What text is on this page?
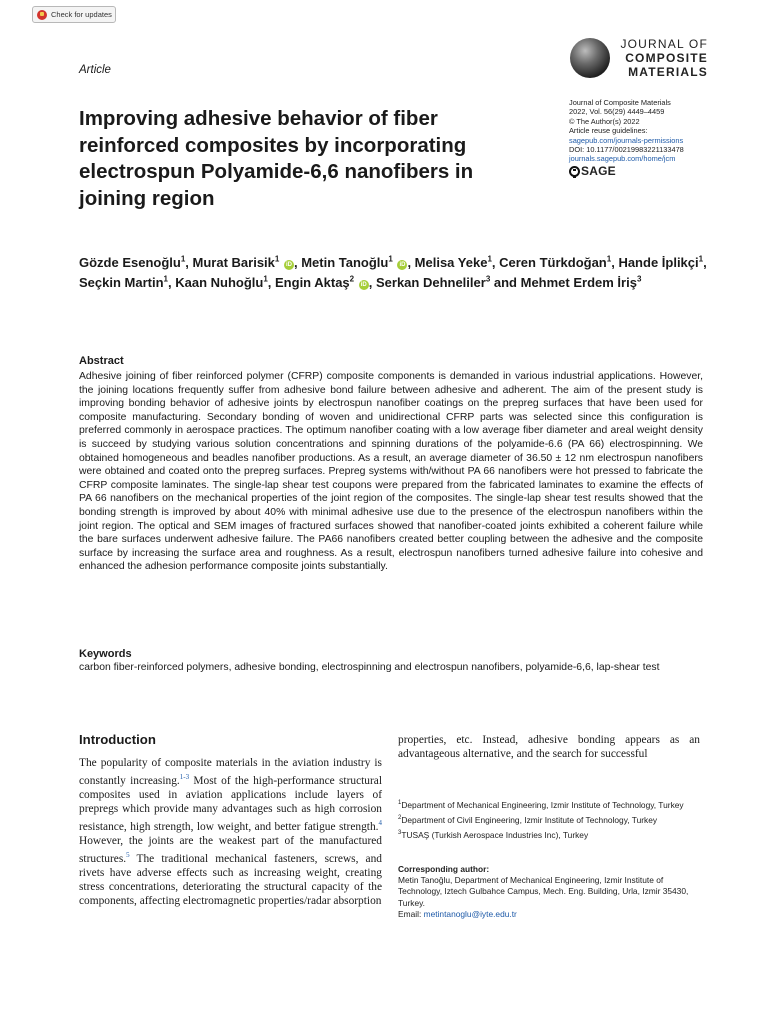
Check for updates
Article
JOURNAL OF
COMPOSITE
MATERIALS
Journal of Composite Materials
2022, Vol. 56(29) 4449–4459
© The Author(s) 2022
Article reuse guidelines:
sagepub.com/journals-permissions
DOI: 10.1177/00219983221133478
journals.sagepub.com/home/jcm
SAGE
Improving adhesive behavior of fiber reinforced composites by incorporating electrospun Polyamide-6,6 nanofibers in joining region
Gözde Esenoğlu$^1$, Murat Barisik$^1$ iD , Metin Tanoğlu$^1$ iD , Melisa Yeke$^1$, Ceren Türkdoğan$^1$, Hande İplikçi$^1$, Seçkin Martin$^1$, Kaan Nuhoğlu$^1$, Engin Aktaş$^2$ iD , Serkan Dehneliler$^3$ and Mehmet Erdem İriş$^3$
Abstract
Adhesive joining of fiber reinforced polymer (CFRP) composite components is demanded in various industrial applications. However, the joining locations frequently suffer from adhesive bond failure between adhesive and adherent. The aim of the present study is improving bonding behavior of adhesive joints by electrospun nanofiber coatings on the prepreg surfaces that have been used for composite manufacturing. Secondary bonding of woven and unidirectional CFRP parts was selected since this configuration is preferred commonly in aerospace practices. The optimum nanofiber coating with a low average fiber diameter and areal weight density is succeed by studying various solution concentrations and spinning durations of the polyamide-6.6 (PA 66) electrospinning. We obtained homogeneous and beadles nanofiber productions. As a result, an average diameter of 36.50 ± 12 nm electrospun nanofibers were obtained and coated onto the prepreg surfaces. Prepreg systems with/without PA 66 nanofibers were hot pressed to fabricate the CFRP composite laminates. The single-lap shear test coupons were prepared from the fabricated laminates to examine the effects of PA 66 nanofibers on the mechanical properties of the joint region of the composites. The single-lap shear test results showed that the bonding strength is improved by about 40% with minimal adhesive use due to the presence of the electrospun nanofibers within the joint region. The optical and SEM images of fractured surfaces showed that nanofiber-coated joints exhibited a coherent failure while the bare surfaces underwent adhesive failure. The PA66 nanofibers created better coupling between the adhesive and the composite surface by increasing the surface area and roughness. As a result, electrospun nanofibers turned adhesive failure into cohesive and enhanced the adhesion performance composite joints substantially.
Keywords
carbon fiber-reinforced polymers, adhesive bonding, electrospinning and electrospun nanofibers, polyamide-6,6, lap-shear test
Introduction
The popularity of composite materials in the aviation industry is constantly increasing.$^{1-3}$ Most of the high-performance structural composites used in aviation applications include layers of prepregs which provide many advantages such as high corrosion resistance, high strength, low weight, and better fatigue strength.$^4$ However, the joints are the weakest part of the manufactured structures.$^5$ The traditional mechanical fasteners, screws, and rivets have adverse effects such as increasing weight, creating stress concentrations, deteriorating the structural capacity of the components, affecting electromagnetic properties/radar absorption
properties, etc. Instead, adhesive bonding appears as an advantageous alternative, and the search for successful

$^1$Department of Mechanical Engineering, Izmir Institute of Technology, Turkey

$^2$Department of Civil Engineering, Izmir Institute of Technology, Turkey

$^3$TUSAŞ (Turkish Aerospace Industries Inc), Turkey

Corresponding author:
Metin Tanoğlu, Department of Mechanical Engineering, Izmir Institute of Technology, Iztech Gulbahce Campus, Mech. Eng. Building, Urla, Izmir 35430, Turkey.
Email: metintanoglu@iyte.edu.tr
